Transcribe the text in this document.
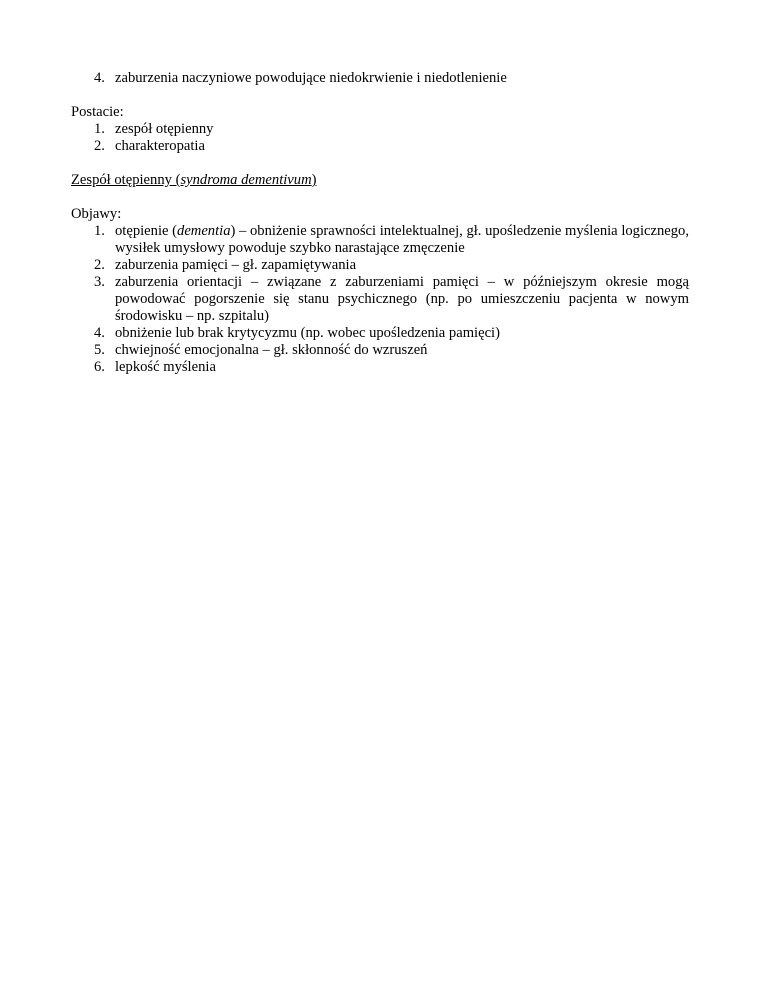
4. zaburzenia naczyniowe powodujące niedokrwienie i niedotlenienie
Postacie:
1. zespół otępienny
2. charakteropatia
Zespół otępienny (syndroma dementivum)
Objawy:
1. otępienie (dementia) – obniżenie sprawności intelektualnej, gł. upośledzenie myślenia logicznego, wysiłek umysłowy powoduje szybko narastające zmęczenie
2. zaburzenia pamięci – gł. zapamiętywania
3. zaburzenia orientacji – związane z zaburzeniami pamięci – w późniejszym okresie mogą powodować pogorszenie się stanu psychicznego (np. po umieszczeniu pacjenta w nowym środowisku – np. szpitalu)
4. obniżenie lub brak krytycyzmu (np. wobec upośledzenia pamięci)
5. chwiejność emocjonalna – gł. skłonność do wzruszeń
6. lepkość myślenia
